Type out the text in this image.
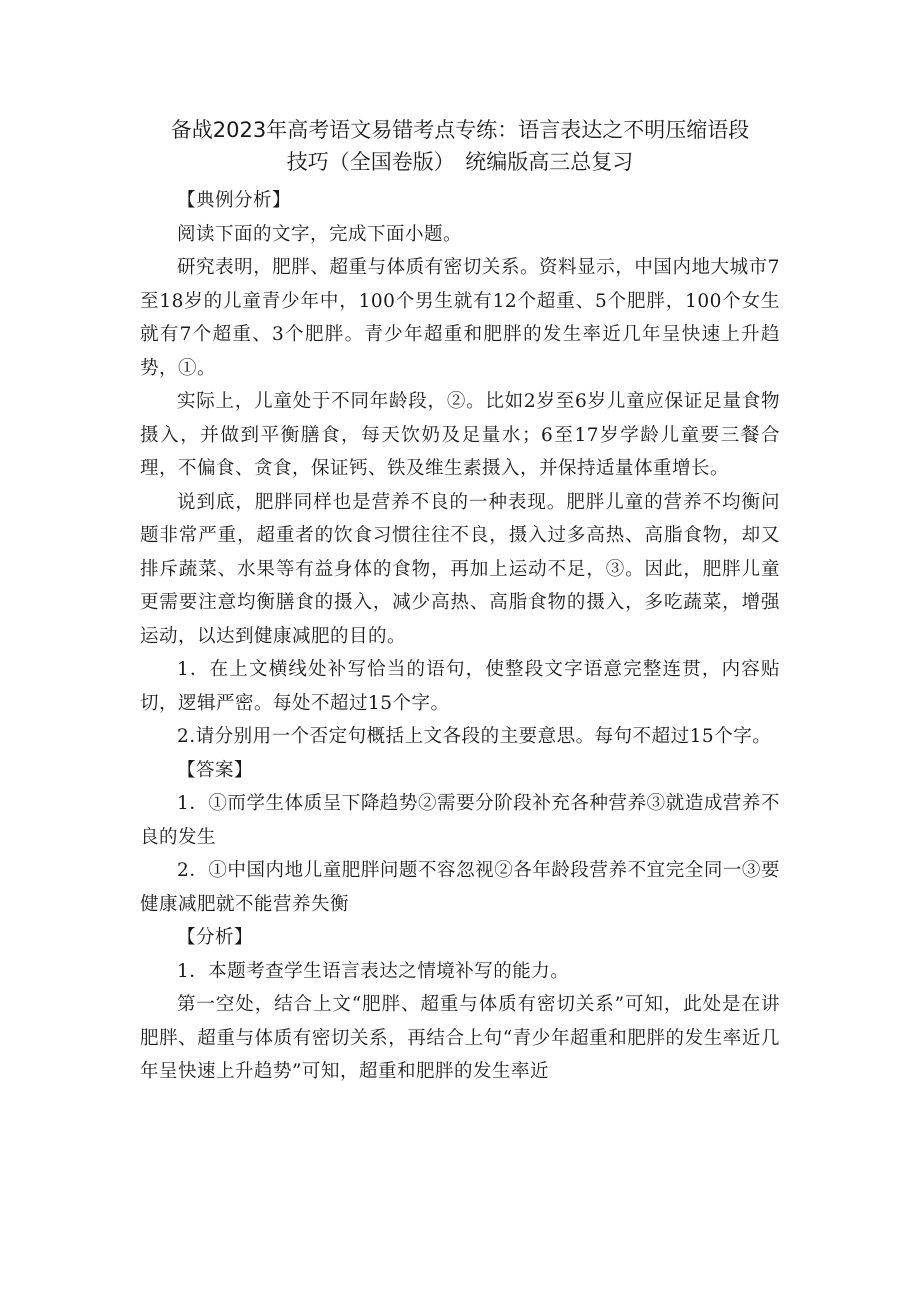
备战2023年高考语文易错考点专练：语言表达之不明压缩语段
技巧（全国卷版）　统编版高三总复习

【典例分析】

阅读下面的文字，完成下面小题。

研究表明，肥胖、超重与体质有密切关系。资料显示，中国内地大城市7至18岁的儿童青少年中，100个男生就有12个超重、5个肥胖，100个女生就有7个超重、3个肥胖。青少年超重和肥胖的发生率近几年呈快速上升趋势，①。

实际上，儿童处于不同年龄段，②。比如2岁至6岁儿童应保证足量食物摄入，并做到平衡膳食，每天饮奶及足量水；6至17岁学龄儿童要三餐合理，不偏食、贪食，保证钙、铁及维生素摄入，并保持适量体重增长。

说到底，肥胖同样也是营养不良的一种表现。肥胖儿童的营养不均衡问题非常严重，超重者的饮食习惯往往不良，摄入过多高热、高脂食物，却又排斥蔬菜、水果等有益身体的食物，再加上运动不足，③。因此，肥胖儿童更需要注意均衡膳食的摄入，减少高热、高脂食物的摄入，多吃蔬菜，增强运动，以达到健康减肥的目的。

1．在上文横线处补写恰当的语句，使整段文字语意完整连贯，内容贴切，逻辑严密。每处不超过15个字。

2.请分别用一个否定句概括上文各段的主要意思。每句不超过15个字。

【答案】

1．①而学生体质呈下降趋势②需要分阶段补充各种营养③就造成营养不良的发生

2．①中国内地儿童肥胖问题不容忽视②各年龄段营养不宜完全同一③要健康减肥就不能营养失衡

【分析】

1．本题考查学生语言表达之情境补写的能力。

第一空处，结合上文“肥胖、超重与体质有密切关系”可知，此处是在讲肥胖、超重与体质有密切关系，再结合上句“青少年超重和肥胖的发生率近几年呈快速上升趋势”可知，超重和肥胖的发生率近
